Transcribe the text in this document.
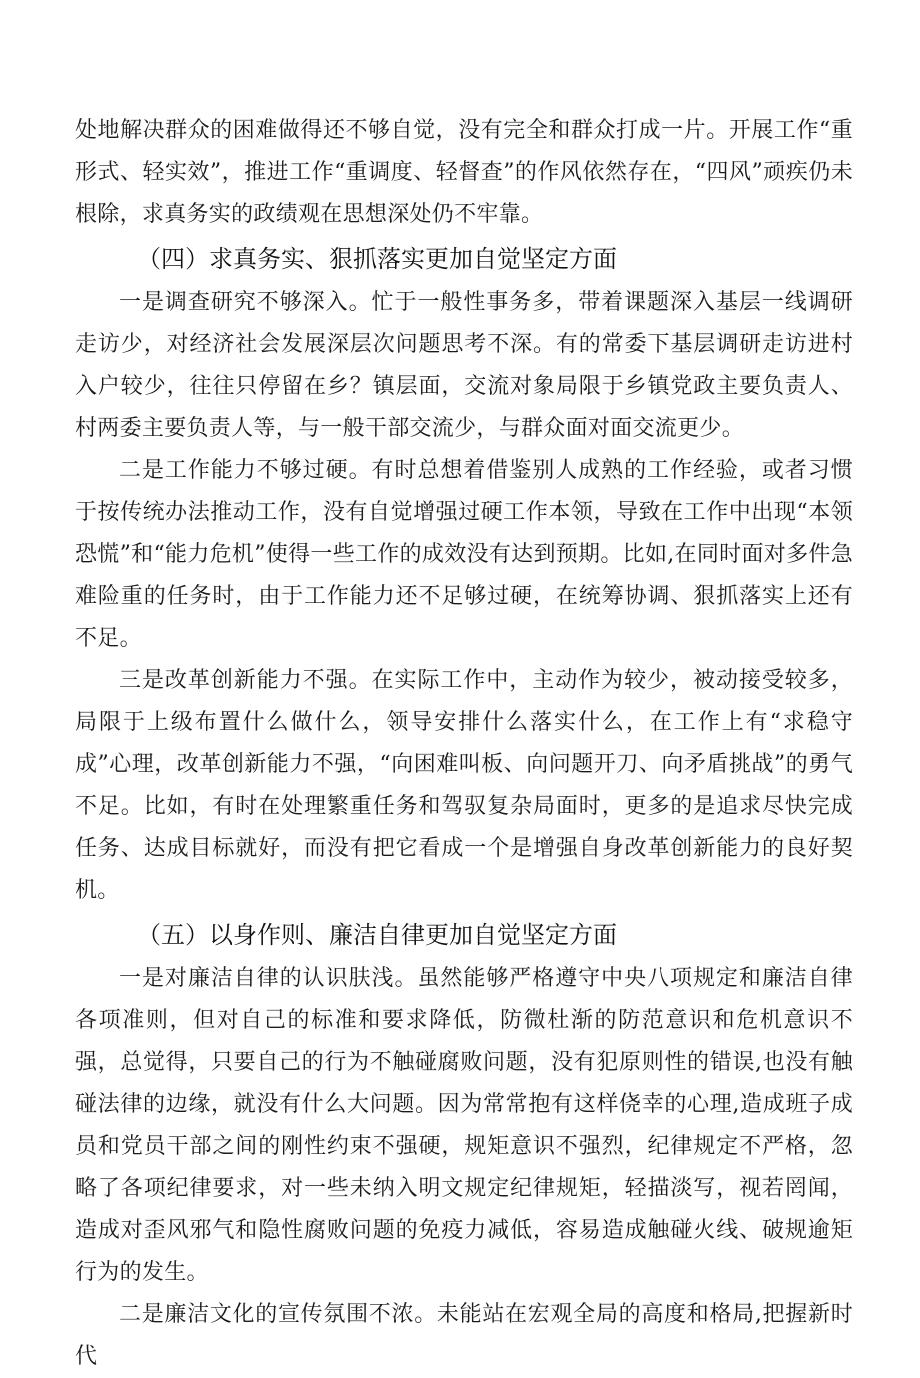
处地解决群众的困难做得还不够自觉，没有完全和群众打成一片。开展工作“重形式、轻实效”，推进工作“重调度、轻督查”的作风依然存在，“四风”顽疾仍未根除，求真务实的政绩观在思想深处仍不牢靠。

（四）求真务实、狠抓落实更加自觉坚定方面

一是调查研究不够深入。忙于一般性事务多，带着课题深入基层一线调研走访少，对经济社会发展深层次问题思考不深。有的常委下基层调研走访进村入户较少，往往只停留在乡？镇层面，交流对象局限于乡镇党政主要负责人、村两委主要负责人等，与一般干部交流少，与群众面对面交流更少。

二是工作能力不够过硬。有时总想着借鉴别人成熟的工作经验，或者习惯于按传统办法推动工作，没有自觉增强过硬工作本领，导致在工作中出现“本领恐慌”和“能力危机”使得一些工作的成效没有达到预期。比如,在同时面对多件急难险重的任务时，由于工作能力还不足够过硬，在统筹协调、狠抓落实上还有不足。

三是改革创新能力不强。在实际工作中，主动作为较少，被动接受较多，局限于上级布置什么做什么，领导安排什么落实什么，在工作上有“求稳守成”心理，改革创新能力不强，“向困难叫板、向问题开刀、向矛盾挑战”的勇气不足。比如，有时在处理繁重任务和驾驭复杂局面时，更多的是追求尽快完成任务、达成目标就好，而没有把它看成一个是增强自身改革创新能力的良好契机。

（五）以身作则、廉洁自律更加自觉坚定方面

一是对廉洁自律的认识肤浅。虽然能够严格遵守中央八项规定和廉洁自律各项准则，但对自己的标准和要求降低，防微杜渐的防范意识和危机意识不强，总觉得，只要自己的行为不触碰腐败问题，没有犯原则性的错误,也没有触碰法律的边缘，就没有什么大问题。因为常常抱有这样侥幸的心理,造成班子成员和党员干部之间的刚性约束不强硬，规矩意识不强烈，纪律规定不严格，忽略了各项纪律要求，对一些未纳入明文规定纪律规矩，轻描淡写，视若罔闻，造成对歪风邪气和隐性腐败问题的免疫力减低，容易造成触碰火线、破规逾矩行为的发生。

二是廉洁文化的宣传氛围不浓。未能站在宏观全局的高度和格局,把握新时代
